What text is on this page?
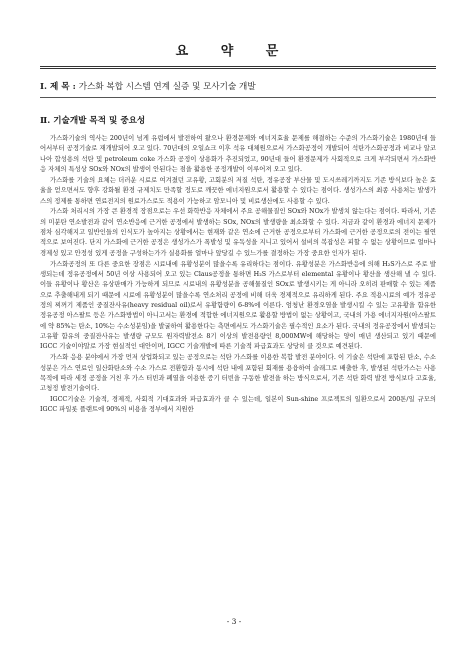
요 약 문
Ⅰ. 제 목 : 가스화 복합 시스템 연계 실증 및 모사기술 개발
Ⅱ. 기술개발 목적 및 중요성

가스화기술의 역사는 200년이 넘게 유럽에서 발전하여 왔으나 환경문제와 에너지효율 문제를 해결하는 수준의 가스화기술은 1980년대 들어서부터 공정기술로 재개발되어 오고 있다. 70년대의 오일쇼크 이후 석유 대체원으로서 가스화공정이 개발되어 석탄가스화공정과 비교나 알코나아 합성용의 석탄 및 petroleum coke 가스화 공정이 상용화가 추진되었고, 90년대 들어 환경문제가 사회적으로 크게 부각되면서 가스화반응 자체의 특성상 SOx와 NOx의 발생이 안된다는 점을 활용한 공정개발이 이루어져 오고 있다.

가스화를 기술의 요체는 더러운 시료로 여겨졌던 고유황, 고회분의 저질 석탄, 정유공장 부산물 및 도시쓰레기까지도 기존 방식보다 높은 효율을 얻으면서도 향후 강화될 환경 규제치도 만족할 정도로 깨끗한 에너지원으로서 활용할 수 있다는 점이다. 생성가스의 최종 사용처는 발생가스의 정제를 통하면 연료전지의 원료가스로도 적용이 가능하고 암모니아 및 비료생산에도 사용할 수 있다.

가스화 처리시의 가장 큰 환경적 장점으로는 우선 화학반응 자체에서 주요 공해물질인 SOx와 NOx가 발생치 않는다는 점이다. 따라서, 기존의 미분탄 연소발전과 같이 연소반응에 근거한 공정에서 발생하는 SOx, NOx의 발생량을 최소화할 수 있다. 지금과 같이 환경과 에너지 문제가 점차 심각해지고 일반인들의 인식도가 높아지는 상황에서는 현재와 같은 연소에 근거한 공정으로부터 가스화에 근거한 공정으로의 전이는 필연적으로 보여진다. 단지 가스화에 근거한 공정은 생성가스가 폭발성 및 유독성을 지니고 있어서 설비의 복잡성은 피할 수 없는 상황이므로 얼마나 경제성 있고 안정성 있게 공정을 구성하는가가 실용화를 얼마나 앞당길 수 있느가를 결정하는 가장 중요한 인자가 된다.

가스화공정의 또 다른 중요한 장점은 시료내에 유황성분이 많을수록 유리하다는 점이다. 유황성분은 가스화반응에 의해 H₂S가스로 주로 발생되는데 정유공정에서 50년 이상 사용되어 오고 있는 Claus공정을 통하면 H₂S 가스로부터 elemental 유황이나 황산을 생산해 낼 수 있다. 이들 유황이나 황산은 유상판매가 가능하게 되므로 시료내의 유황성분을 공해물질인 SOx로 발생시키는 게 아니라 오히려 판매할 수 있는 제품으로 추출해내게 되기 때문에 시료에 유황성분이 많을수록 연소처리 공정에 비해 더욱 경제적으로 유리하게 된다. 주요 적용시료의 예가 정유공정의 찌꺼기 제품인 중질잔사유(heavy residual oil)로서 유황함량이 6-8%에 이른다. 엄청난 환경오염을 발생시킬 수 있는 고유황을 함유한 정유공정 아스팔트 등은 가스화방법이 아니고서는 환경에 적합한 에너지원으로 활용할 방법이 없는 상황이고, 국내의 가용 에너지자원(아스팔트에 약 85%는 탄소, 10%는 수소성분임)을 발굴하여 활용한다는 측면에서도 가스화기술은 필수적인 요소가 된다. 국내의 정유공장에서 발생되는 고유황 함유의 중질잔사유는 발생량 규모도 원자력발전소 8기 이상의 발전용량인 8,000MW에 해당하는 양이 매년 생산되고 있기 때문에 IGCC 기술이야말로 가장 현실적인 대안이며, IGCC 기술개발에 따른 기술적 파급효과도 상당히 클 것으로 예견된다.

가스화 응용 분야에서 가장 먼저 상업화되고 있는 공정으로는 석탄 가스화를 이용한 복합 발전 분야이다. 이 기술은 석탄에 포함된 탄소, 수소 성분은 가스 연료인 일산화탄소와 수소 가스로 전환함과 동시에 석탄 내에 포함된 회재를 용융하여 슬래그로 배출한 후, 발생된 석탄가스는 사용 목적에 따라 세정 공정을 거친 후 가스 터빈과 폐열을 이용한 증기 터빈을 구동한 발전을 하는 방식으로서, 기존 석탄 화력 발전 방식보다 고효율, 고청정 발전기술이다.

IGCC기술은 기술적, 경제적, 사회적 기대효과와 파급효과가 클 수 있는데, 일본이 Sun-shine 프로젝트의 일환으로서 200톤/일 규모의 IGCC 파일롯 플랜트에 90%의 비용을 정부에서 지원한

- 3 -
